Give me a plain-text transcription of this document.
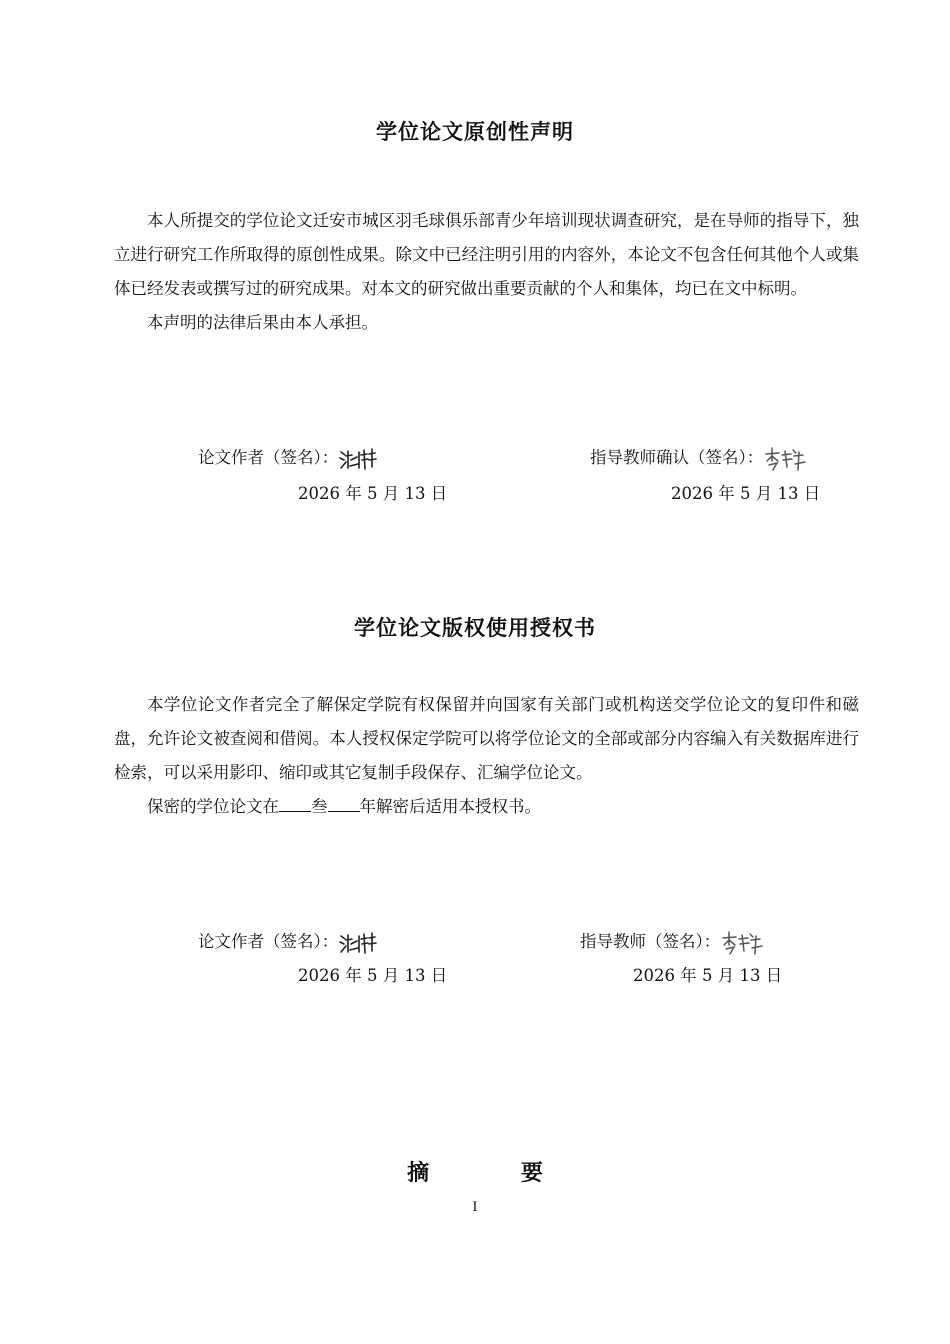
学位论文原创性声明

本人所提交的学位论文迁安市城区羽毛球俱乐部青少年培训现状调查研究，是在导师的指导下，独立进行研究工作所取得的原创性成果。除文中已经注明引用的内容外，本论文不包含任何其他个人或集体已经发表或撰写过的研究成果。对本文的研究做出重要贡献的个人和集体，均已在文中标明。

本声明的法律后果由本人承担。

论文作者（签名）：	指导教师确认（签名）：
2026 年 5 月 13 日	2026 年 5 月 13 日
学位论文版权使用授权书

本学位论文作者完全了解保定学院有权保留并向国家有关部门或机构送交学位论文的复印件和磁盘，允许论文被查阅和借阅。本人授权保定学院可以将学位论文的全部或部分内容编入有关数据库进行检索，可以采用影印、缩印或其它复制手段保存、汇编学位论文。

保密的学位论文在 叁 年解密后适用本授权书。

论文作者（签名）：	指导教师（签名）：
2026 年 5 月 13 日	2026 年 5 月 13 日
摘 要
I
